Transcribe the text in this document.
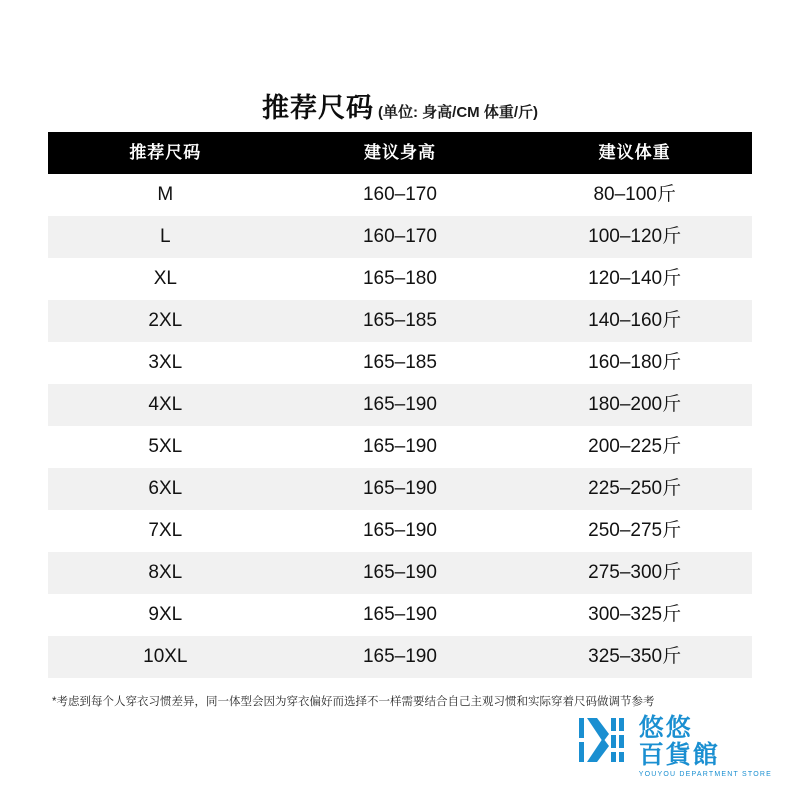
推荐尺码 (单位: 身高/CM 体重/斤)
推荐尺码	建议身高	建议体重
M	160–170	80–100斤
L	160–170	100–120斤
XL	165–180	120–140斤
2XL	165–185	140–160斤
3XL	165–185	160–180斤
4XL	165–190	180–200斤
5XL	165–190	200–225斤
6XL	165–190	225–250斤
7XL	165–190	250–275斤
8XL	165–190	275–300斤
9XL	165–190	300–325斤
10XL	165–190	325–350斤
*考虑到每个人穿衣习惯差异，同一体型会因为穿衣偏好而选择不一样需要结合自己主观习惯和实际穿着尺码做调节参考
悠悠
百貨館
YOUYOU DEPARTMENT STORE
